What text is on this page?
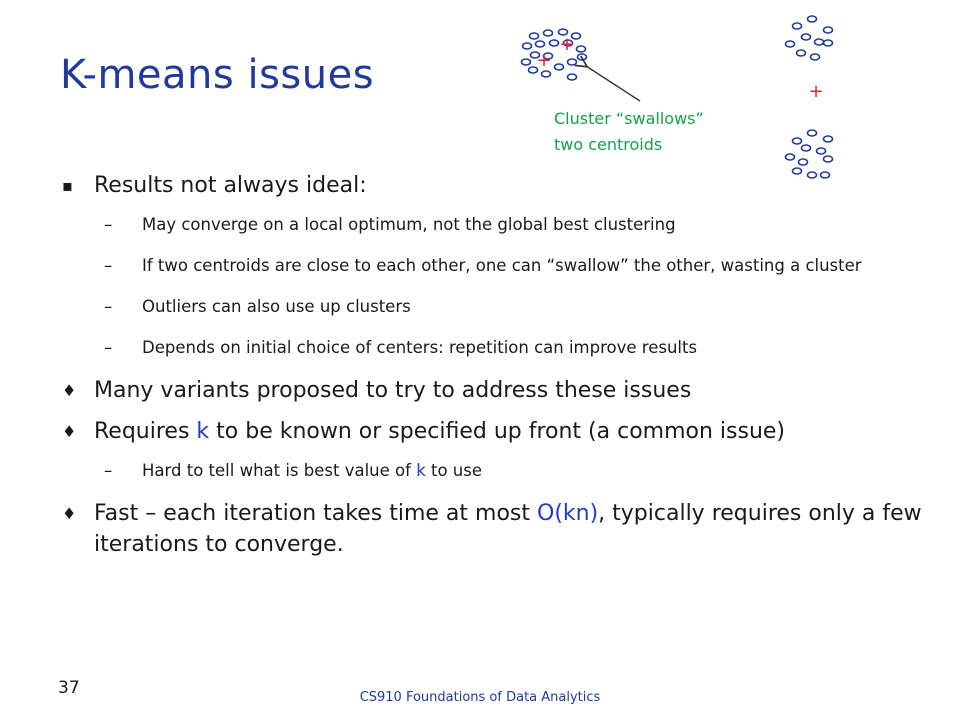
K-means issues
+
+
+
Cluster “swallows”
two centroids
▪ Results not always ideal:
– May converge on a local optimum, not the global best clustering
– If two centroids are close to each other, one can “swallow” the other, wasting a cluster
– Outliers can also use up clusters
– Depends on initial choice of centers: repetition can improve results
♦ Many variants proposed to try to address these issues
♦ Requires k to be known or specified up front (a common issue)
– Hard to tell what is best value of k to use
♦ Fast – each iteration takes time at most O(kn), typically requires only a few iterations to converge.
37	CS910 Foundations of Data Analytics
